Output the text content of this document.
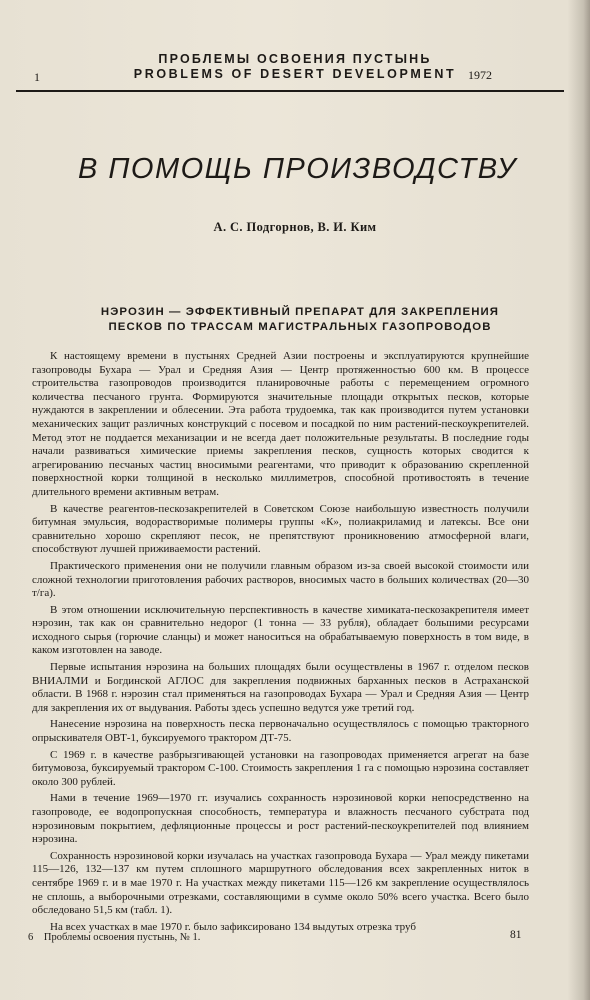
ПРОБЛЕМЫ ОСВОЕНИЯ ПУСТЫНЬ
1	PROBLEMS OF DESERT DEVELOPMENT 1972
В ПОМОЩЬ ПРОИЗВОДСТВУ
А. С. Подгорнов, В. И. Ким
НЭРОЗИН — ЭФФЕКТИВНЫЙ ПРЕПАРАТ ДЛЯ ЗАКРЕПЛЕНИЯ
ПЕСКОВ ПО ТРАССАМ МАГИСТРАЛЬНЫХ ГАЗОПРОВОДОВ

К настоящему времени в пустынях Средней Азии построены и эксплуатируются крупнейшие газопроводы Бухара — Урал и Средняя Азия — Центр протяженностью 600 км. В процессе строительства газопроводов производится планировочные работы с перемещением огромного количества песчаного грунта. Формируются значительные площади открытых песков, которые нуждаются в закреплении и облесении. Эта работа трудоемка, так как производится путем установки механических защит различных конструкций с посевом и посадкой по ним растений-пескоукрепителей. Метод этот не поддается механизации и не всегда дает положительные результаты. В последние годы начали развиваться химические приемы закрепления песков, сущность которых сводится к агрегированию песчаных частиц вносимыми реагентами, что приводит к образованию скрепленной поверхностной корки толщиной в несколько миллиметров, способной противостоять в течение длительного времени активным ветрам.

В качестве реагентов-пескозакрепителей в Советском Союзе наибольшую известность получили битумная эмульсия, водорастворимые полимеры группы «К», полиакриламид и латексы. Все они сравнительно хорошо скрепляют песок, не препятствуют проникновению атмосферной влаги, способствуют лучшей приживаемости растений.

Практического применения они не получили главным образом из-за своей высокой стоимости или сложной технологии приготовления рабочих растворов, вносимых часто в больших количествах (20—30 т/га).

В этом отношении исключительную перспективность в качестве химиката-пескозакрепителя имеет нэрозин, так как он сравнительно недорог (1 тонна — 33 рубля), обладает большими ресурсами исходного сырья (горючие сланцы) и может наноситься на обрабатываемую поверхность в том виде, в каком изготовлен на заводе.

Первые испытания нэрозина на больших площадях были осуществлены в 1967 г. отделом песков ВНИАЛМИ и Богдинской АГЛОС для закрепления подвижных барханных песков в Астраханской области. В 1968 г. нэрозин стал применяться на газопроводах Бухара — Урал и Средняя Азия — Центр для закрепления их от выдувания. Работы здесь успешно ведутся уже третий год.

Нанесение нэрозина на поверхность песка первоначально осуществлялось с помощью тракторного опрыскивателя ОВТ-1, буксируемого трактором ДТ-75.

С 1969 г. в качестве разбрызгивающей установки на газопроводах применяется агрегат на базе битумовоза, буксируемый трактором С-100. Стоимость закрепления 1 га с помощью нэрозина составляет около 300 рублей.

Нами в течение 1969—1970 гг. изучались сохранность нэрозиновой корки непосредственно на газопроводе, ее водопропускная способность, температура и влажность песчаного субстрата под нэрозиновым покрытием, дефляционные процессы и рост растений-пескоукрепителей под влиянием нэрозина.

Сохранность нэрозиновой корки изучалась на участках газопровода Бухара — Урал между пикетами 115—126, 132—137 км путем сплошного маршрутного обследования всех закрепленных ниток в сентябре 1969 г. и в мае 1970 г. На участках между пикетами 115—126 км закрепление осуществлялось не сплошь, а выборочными отрезками, составляющими в сумме около 50% всего участка. Всего было обследовано 51,5 км (табл. 1).

На всех участках в мае 1970 г. было зафиксировано 134 выдутых отрезка труб

6 Проблемы освоения пустынь, № 1.	81
